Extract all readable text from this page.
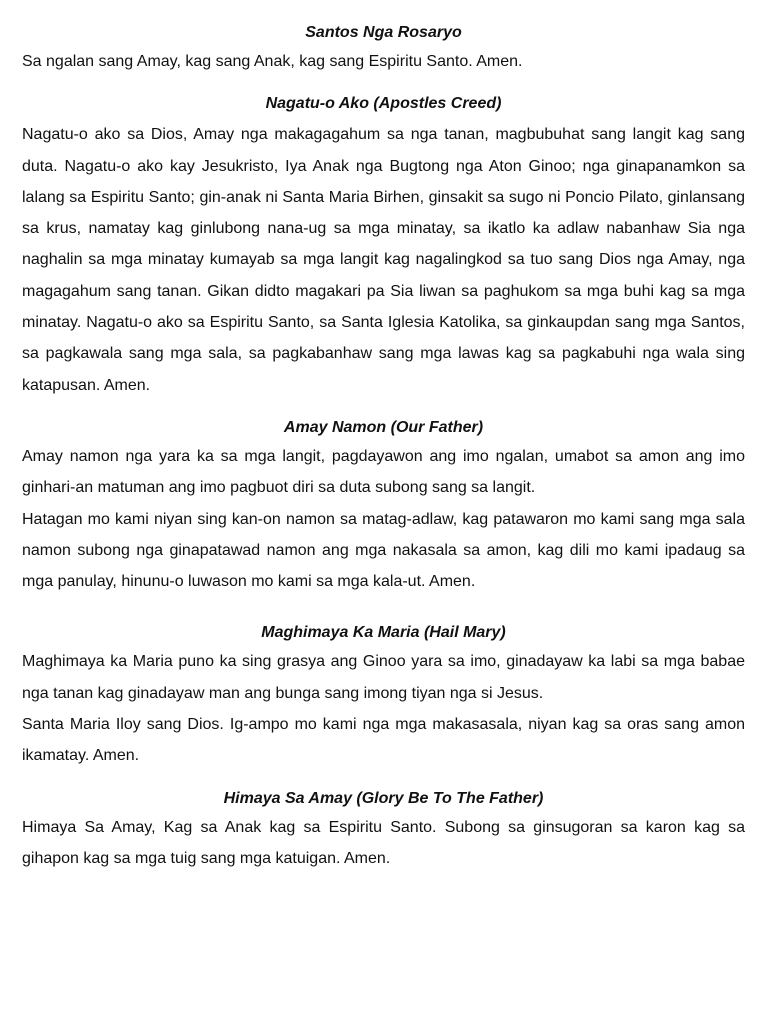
Santos Nga Rosaryo

Sa ngalan sang Amay, kag sang Anak, kag sang Espiritu Santo. Amen.

Nagatu-o Ako (Apostles Creed)

Nagatu-o ako sa Dios, Amay nga makagagahum sa nga tanan, magbubuhat sang langit kag sang duta. Nagatu-o ako kay Jesukristo, Iya Anak nga Bugtong nga Aton Ginoo; nga ginapanamkon sa lalang sa Espiritu Santo; gin-anak ni Santa Maria Birhen, ginsakit sa sugo ni Poncio Pilato, ginlansang sa krus, namatay kag ginlubong nana-ug sa mga minatay, sa ikatlo ka adlaw nabanhaw Sia nga naghalin sa mga minatay kumayab sa mga langit kag nagalingkod sa tuo sang Dios nga Amay, nga magagahum sang tanan. Gikan didto magakari pa Sia liwan sa paghukom sa mga buhi kag sa mga minatay. Nagatu-o ako sa Espiritu Santo, sa Santa Iglesia Katolika, sa ginkaupdan sang mga Santos, sa pagkawala sang mga sala, sa pagkabanhaw sang mga lawas kag sa pagkabuhi nga wala sing katapusan. Amen.

Amay Namon (Our Father)

Amay namon nga yara ka sa mga langit, pagdayawon ang imo ngalan, umabot sa amon ang imo ginhari-an matuman ang imo pagbuot diri sa duta subong sang sa langit.

Hatagan mo kami niyan sing kan-on namon sa matag-adlaw, kag patawaron mo kami sang mga sala namon subong nga ginapatawad namon ang mga nakasala sa amon, kag dili mo kami ipadaug sa mga panulay, hinunu-o luwason mo kami sa mga kala-ut. Amen.

Maghimaya Ka Maria (Hail Mary)

Maghimaya ka Maria puno ka sing grasya ang Ginoo yara sa imo, ginadayaw ka labi sa mga babae nga tanan kag ginadayaw man ang bunga sang imong tiyan nga si Jesus.

Santa Maria Iloy sang Dios. Ig-ampo mo kami nga mga makasasala, niyan kag sa oras sang amon ikamatay. Amen.

Himaya Sa Amay (Glory Be To The Father)

Himaya Sa Amay, Kag sa Anak kag sa Espiritu Santo. Subong sa ginsugoran sa karon kag sa gihapon kag sa mga tuig sang mga katuigan. Amen.
